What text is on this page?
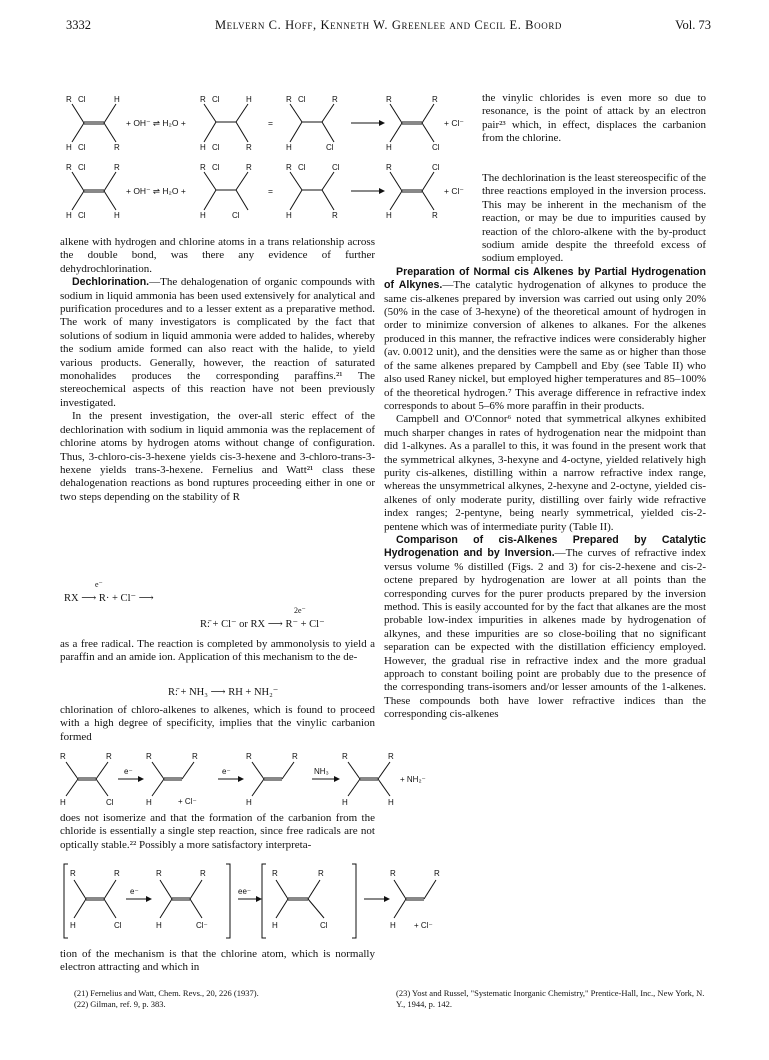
3332	Melvern C. Hoff, Kenneth W. Greenlee and Cecil E. Boord	Vol. 73
R Cl	H
H Cl	R
R Cl	H
H Cl	R
R Cl	R
H	Cl
R	R
H	Cl
R Cl	R
H Cl	H
R Cl	R
H	Cl
R Cl	Cl
H	R
R	Cl
H	R
+ OH⁻ ⇌ H₂O +	=	+ Cl⁻
+ OH⁻ ⇌ H₂O +	=	+ Cl⁻

alkene with hydrogen and chlorine atoms in a trans relationship across the double bond, was there any evidence of further dehydrochlorination.

Dechlorination.—The dehalogenation of organic compounds with sodium in liquid ammonia has been used extensively for analytical and purification procedures and to a lesser extent as a preparative method. The work of many investigators is complicated by the fact that solutions of sodium in liquid ammonia were added to halides, whereby the sodium amide formed can also react with the halide, to yield various products. Generally, however, the reaction of saturated monohalides produces the corresponding paraffins.²¹ The stereochemical aspects of this reaction have not been previously investigated.

In the present investigation, the over-all steric effect of the dechlorination with sodium in liquid ammonia was the replacement of chlorine atoms by hydrogen atoms without change of configuration. Thus, 3-chloro-cis-3-hexene yields cis-3-hexene and 3-chloro-trans-3-hexene yields trans-3-hexene. Fernelius and Watt²¹ class these dehalogenation reactions as bond ruptures proceeding either in one or two steps depending on the stability of R

RX ⟶ R· + Cl⁻ ⟶
e⁻
R:̄ + Cl⁻ or RX ⟶ R⁻ + Cl⁻
2e⁻

as a free radical. The reaction is completed by ammonolysis to yield a paraffin and an amide ion. Application of this mechanism to the de-

R:̄ + NH₃ ⟶ RH + NH₂⁻

chlorination of chloro-alkenes to alkenes, which is found to proceed with a high degree of specificity, implies that the vinylic carbanion formed

R	R
H	Cl
R	R
H
R	R
H
R	R
H	H
e⁻	e⁻	NH₃
+ Cl⁻
+ NH₂⁻

does not isomerize and that the formation of the carbanion from the chloride is essentially a single step reaction, since free radicals are not optically stable.²² Possibly a more satisfactory interpreta-

R	R
H	Cl
R	R
H	Cl⁻
R	R
H	Cl
R	R
H
e⁻	ee⁻
+ Cl⁻

tion of the mechanism is that the chlorine atom, which is normally electron attracting and which in

the vinylic chlorides is even more so due to resonance, is the point of attack by an electron pair²³ which, in effect, displaces the carbanion from the chlorine.

The dechlorination is the least stereospecific of the three reactions employed in the inversion process. This may be inherent in the mechanism of the reaction, or may be due to impurities caused by reaction of the chloro-alkene with the by-product sodium amide despite the threefold excess of sodium employed.

Preparation of Normal cis Alkenes by Partial Hydrogenation of Alkynes.—The catalytic hydrogenation of alkynes to produce the same cis-alkenes prepared by inversion was carried out using only 20% (50% in the case of 3-hexyne) of the theoretical amount of hydrogen in order to minimize conversion of alkenes to alkanes. For the alkenes produced in this manner, the refractive indices were considerably higher (av. 0.0012 unit), and the densities were the same as or higher than those of the same alkenes prepared by Campbell and Eby (see Table II) who also used Raney nickel, but employed higher temperatures and 85–100% of the theoretical hydrogen.⁷ This average difference in refractive index corresponds to about 5–6% more paraffin in their products.

Campbell and O'Connor⁶ noted that symmetrical alkynes exhibited much sharper changes in rates of hydrogenation near the midpoint than did 1-alkynes. As a parallel to this, it was found in the present work that the symmetrical alkynes, 3-hexyne and 4-octyne, yielded relatively high purity cis-alkenes, distilling within a narrow refractive index range, whereas the unsymmetrical alkynes, 2-hexyne and 2-octyne, yielded cis-alkenes of only moderate purity, distilling over fairly wide refractive index ranges; 2-pentyne, being nearly symmetrical, yielded cis-2-pentene which was of intermediate purity (Table II).

Comparison of cis-Alkenes Prepared by Catalytic Hydrogenation and by Inversion.—The curves of refractive index versus volume % distilled (Figs. 2 and 3) for cis-2-hexene and cis-2-octene prepared by hydrogenation are lower at all points than the corresponding curves for the purer products prepared by the inversion method. This is easily accounted for by the fact that alkanes are the most probable low-index impurities in alkenes made by hydrogenation of alkynes, and these impurities are so close-boiling that no significant separation can be expected with the distillation efficiency employed. However, the gradual rise in refractive index and the more gradual approach to constant boiling point are probably due to the presence of the corresponding trans-isomers and/or lesser amounts of the 1-alkenes. These compounds both have lower refractive indices than the corresponding cis-alkenes

(21) Fernelius and Watt, Chem. Revs., 20, 226 (1937).
(22) Gilman, ref. 9, p. 383.
(23) Yost and Russel, "Systematic Inorganic Chemistry," Prentice-Hall, Inc., New York, N. Y., 1944, p. 142.
